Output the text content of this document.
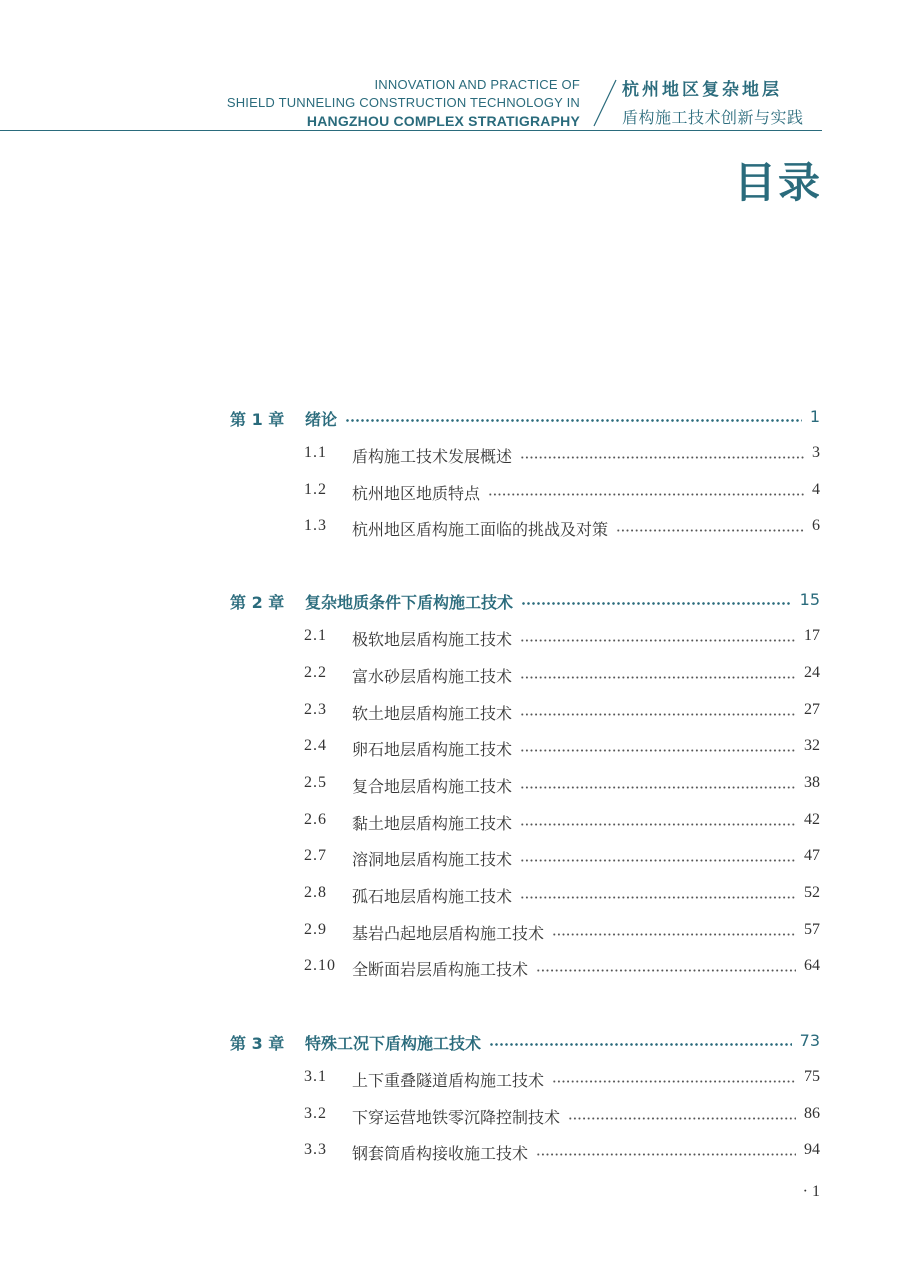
INNOVATION AND PRACTICE OF
SHIELD TUNNELING CONSTRUCTION TECHNOLOGY IN
HANGZHOU COMPLEX STRATIGRAPHY
杭州地区复杂地层
盾构施工技术创新与实践
目录
第 1 章 绪论	1
1.1 盾构施工技术发展概述	3
1.2 杭州地区地质特点	4
1.3 杭州地区盾构施工面临的挑战及对策	6
第 2 章 复杂地质条件下盾构施工技术	15
2.1 极软地层盾构施工技术	17
2.2 富水砂层盾构施工技术	24
2.3 软土地层盾构施工技术	27
2.4 卵石地层盾构施工技术	32
2.5 复合地层盾构施工技术	38
2.6 黏土地层盾构施工技术	42
2.7 溶洞地层盾构施工技术	47
2.8 孤石地层盾构施工技术	52
2.9 基岩凸起地层盾构施工技术	57
2.10 全断面岩层盾构施工技术	64
第 3 章 特殊工况下盾构施工技术	73
3.1 上下重叠隧道盾构施工技术	75
3.2 下穿运营地铁零沉降控制技术	86
3.3 钢套筒盾构接收施工技术	94
· 1
